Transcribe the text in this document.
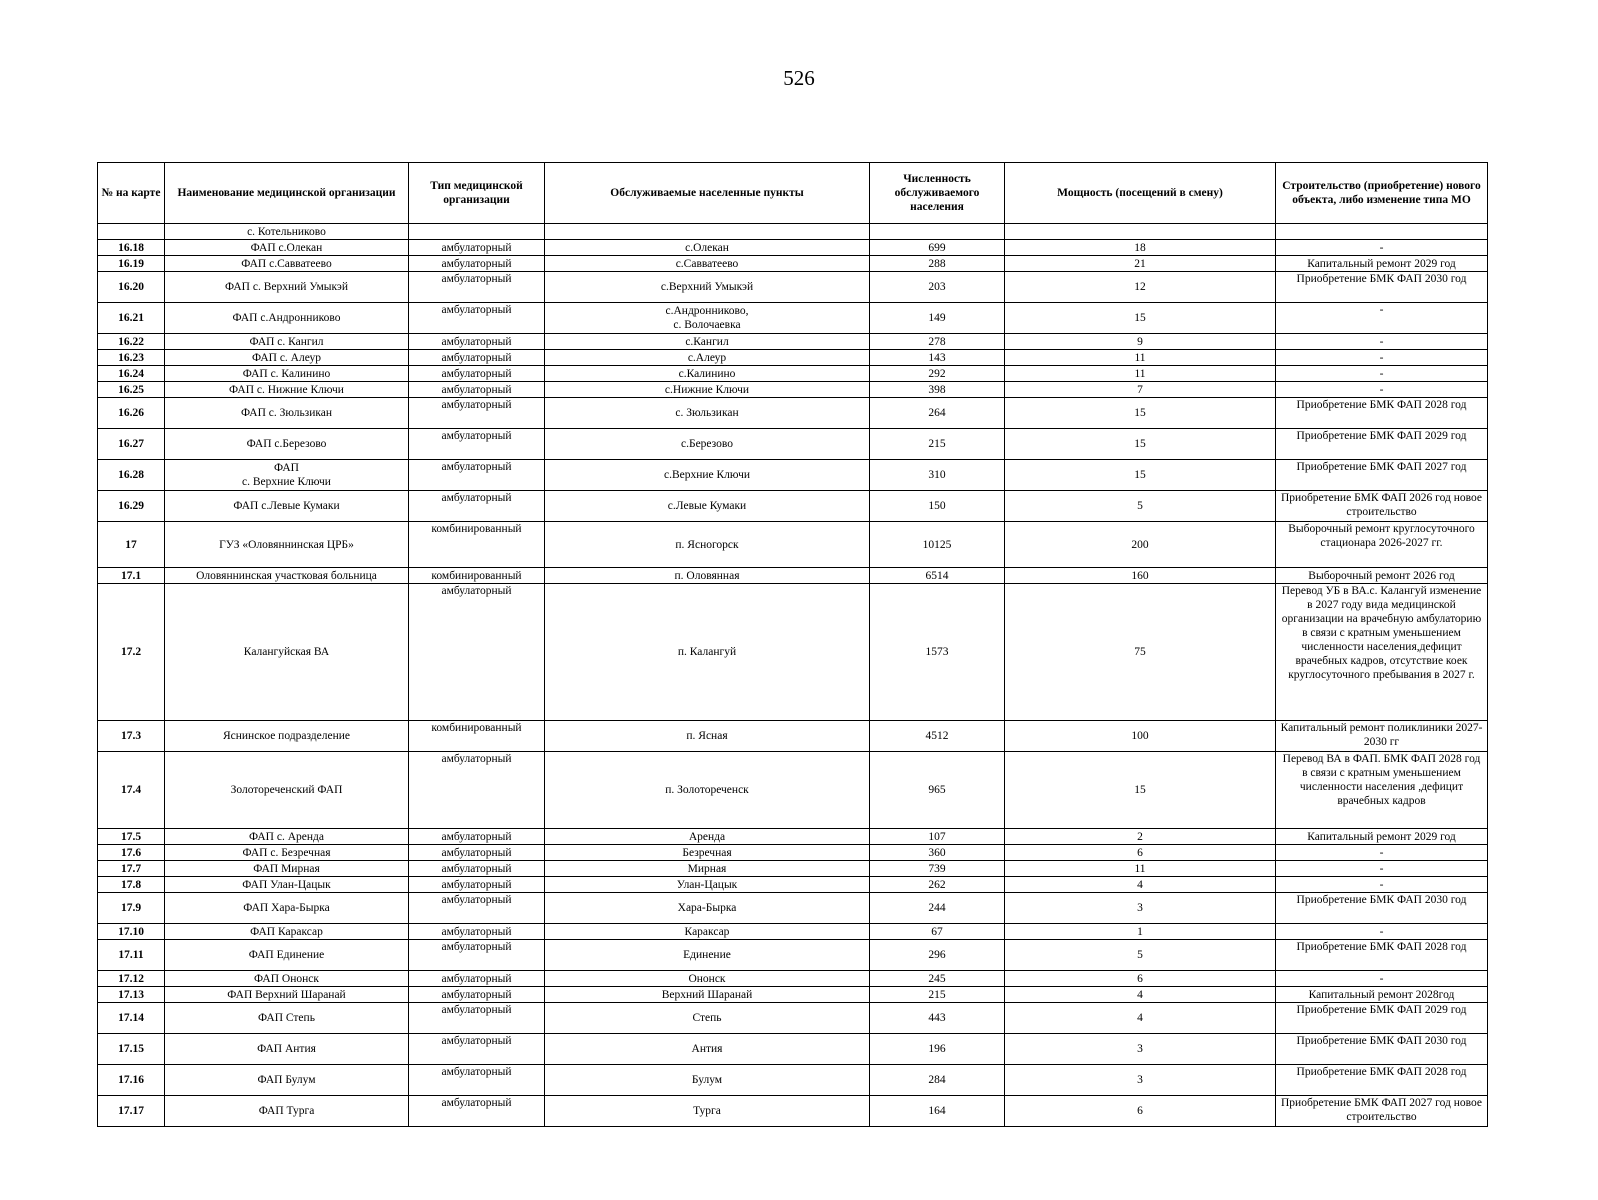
526
№ на карте	Наименование медицинской организации	Тип медицинской организации	Обслуживаемые населенные пункты	Численность обслуживаемого населения	Мощность (посещений в смену)	Строительство (приобретение) нового объекта, либо изменение типа МО
	с. Котельниково					
16.18	ФАП с.Олекан	амбулаторный	с.Олекан	699	18	-
16.19	ФАП с.Савватеево	амбулаторный	с.Савватеево	288	21	Капитальный ремонт 2029 год
16.20	ФАП с. Верхний Умыкэй	амбулаторный	с.Верхний Умыкэй	203	12	Приобретение БМК ФАП 2030 год
16.21	ФАП с.Андронниково	амбулаторный	с.Андронниково,
с. Волочаевка	149	15	-
16.22	ФАП с. Кангил	амбулаторный	с.Кангил	278	9	-
16.23	ФАП с. Алеур	амбулаторный	с.Алеур	143	11	-
16.24	ФАП с. Калинино	амбулаторный	с.Калинино	292	11	-
16.25	ФАП с. Нижние Ключи	амбулаторный	с.Нижние Ключи	398	7	-
16.26	ФАП с. Зюльзикан	амбулаторный	с. Зюльзикан	264	15	Приобретение БМК ФАП 2028 год
16.27	ФАП с.Березово	амбулаторный	с.Березово	215	15	Приобретение БМК ФАП 2029 год
16.28	ФАП
с. Верхние Ключи	амбулаторный	с.Верхние Ключи	310	15	Приобретение БМК ФАП 2027 год
16.29	ФАП с.Левые Кумаки	амбулаторный	с.Левые Кумаки	150	5	Приобретение БМК ФАП 2026 год новое строительство
17	ГУЗ «Оловяннинская ЦРБ»	комбинированный	п. Ясногорск	10125	200	Выборочный ремонт круглосуточного стационара 2026-2027 гг.
17.1	Оловяннинская участковая больница	комбинированный	п. Оловянная	6514	160	Выборочный ремонт 2026 год
17.2	Калангуйская ВА	амбулаторный	п. Калангуй	1573	75	Перевод УБ в ВА.с. Калангуй изменение в 2027 году вида медицинской организации на врачебную амбулаторию в связи с кратным уменьшением численности населения,дефицит врачебных кадров, отсутствие коек круглосуточного пребывания в 2027 г.
17.3	Яснинское подразделение	комбинированный	п. Ясная	4512	100	Капитальный ремонт поликлиники 2027-2030 гг
17.4	Золотореченский ФАП	амбулаторный	п. Золотореченск	965	15	Перевод ВА в ФАП. БМК ФАП 2028 год в связи с кратным уменьшением численности населения ,дефицит врачебных кадров
17.5	ФАП с. Аренда	амбулаторный	Аренда	107	2	Капитальный ремонт 2029 год
17.6	ФАП с. Безречная	амбулаторный	Безречная	360	6	-
17.7	ФАП Мирная	амбулаторный	Мирная	739	11	-
17.8	ФАП Улан-Цацык	амбулаторный	Улан-Цацык	262	4	-
17.9	ФАП Хара-Бырка	амбулаторный	Хара-Бырка	244	3	Приобретение БМК ФАП 2030 год
17.10	ФАП Караксар	амбулаторный	Караксар	67	1	-
17.11	ФАП Единение	амбулаторный	Единение	296	5	Приобретение БМК ФАП 2028 год
17.12	ФАП Ононск	амбулаторный	Ононск	245	6	-
17.13	ФАП Верхний Шаранай	амбулаторный	Верхний Шаранай	215	4	Капитальный ремонт 2028год
17.14	ФАП Степь	амбулаторный	Степь	443	4	Приобретение БМК ФАП 2029 год
17.15	ФАП Антия	амбулаторный	Антия	196	3	Приобретение БМК ФАП 2030 год
17.16	ФАП Булум	амбулаторный	Булум	284	3	Приобретение БМК ФАП 2028 год
17.17	ФАП Турга	амбулаторный	Турга	164	6	Приобретение БМК ФАП 2027 год новое строительство
